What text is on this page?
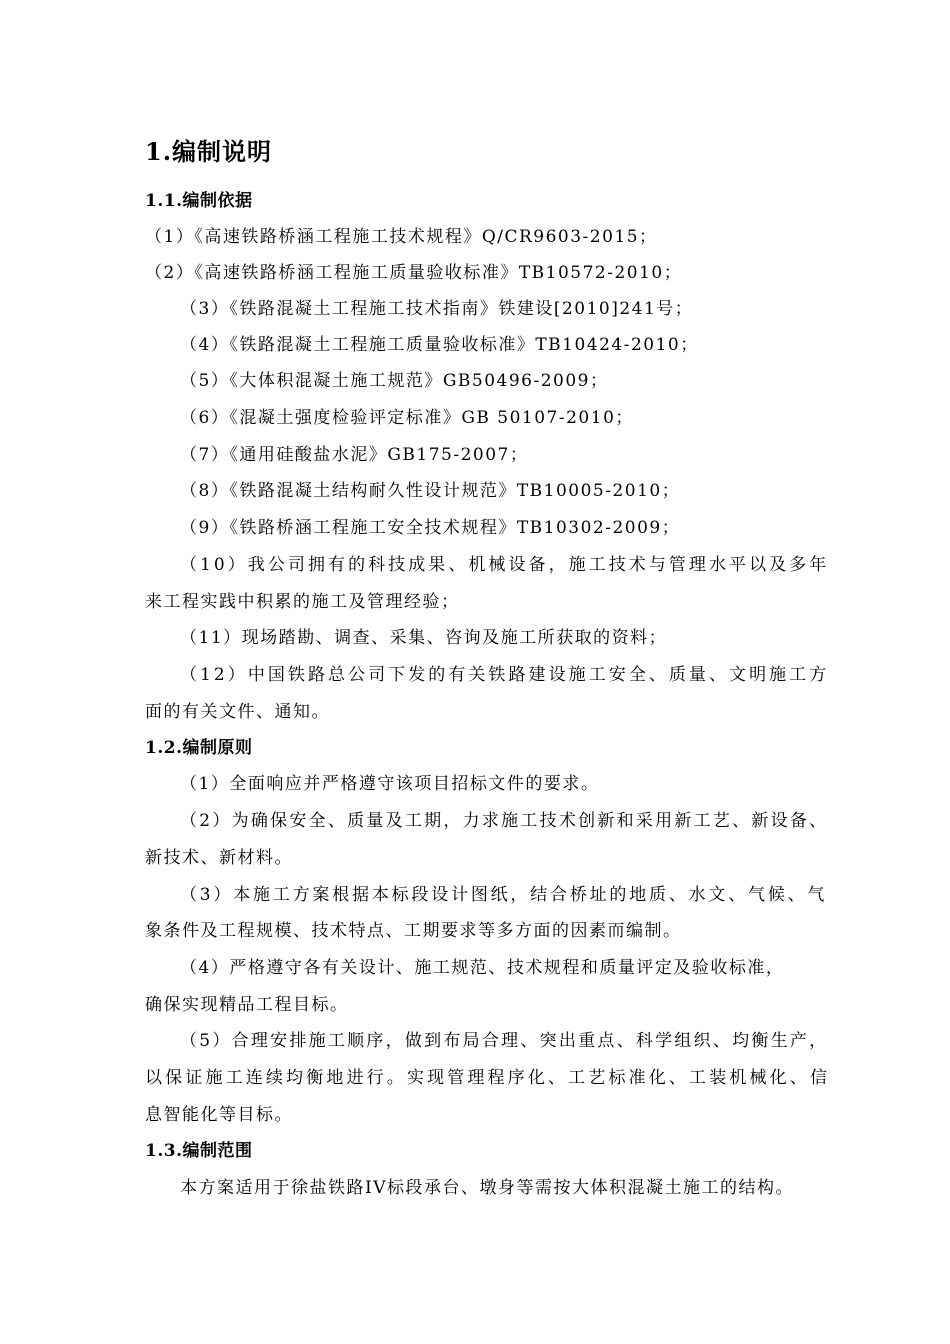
1.编制说明
1.1.编制依据
（1）《高速铁路桥涵工程施工技术规程》Q/CR9603-2015；
（2）《高速铁路桥涵工程施工质量验收标准》TB10572-2010；
（3）《铁路混凝土工程施工技术指南》铁建设[2010]241号；
（4）《铁路混凝土工程施工质量验收标准》TB10424-2010；
（5）《大体积混凝土施工规范》GB50496-2009；
（6）《混凝土强度检验评定标准》GB 50107-2010；
（7）《通用硅酸盐水泥》GB175-2007；
（8）《铁路混凝土结构耐久性设计规范》TB10005-2010；
（9）《铁路桥涵工程施工安全技术规程》TB10302-2009；
（10）我公司拥有的科技成果、机械设备，施工技术与管理水平以及多年
来工程实践中积累的施工及管理经验；
（11）现场踏勘、调查、采集、咨询及施工所获取的资料；
（12）中国铁路总公司下发的有关铁路建设施工安全、质量、文明施工方
面的有关文件、通知。
1.2.编制原则
（1）全面响应并严格遵守该项目招标文件的要求。
（2）为确保安全、质量及工期，力求施工技术创新和采用新工艺、新设备、
新技术、新材料。
（3）本施工方案根据本标段设计图纸，结合桥址的地质、水文、气候、气
象条件及工程规模、技术特点、工期要求等多方面的因素而编制。
（4）严格遵守各有关设计、施工规范、技术规程和质量评定及验收标准，
确保实现精品工程目标。
（5）合理安排施工顺序，做到布局合理、突出重点、科学组织、均衡生产，
以保证施工连续均衡地进行。实现管理程序化、工艺标准化、工装机械化、信
息智能化等目标。
1.3.编制范围
本方案适用于徐盐铁路IV标段承台、墩身等需按大体积混凝土施工的结构。
